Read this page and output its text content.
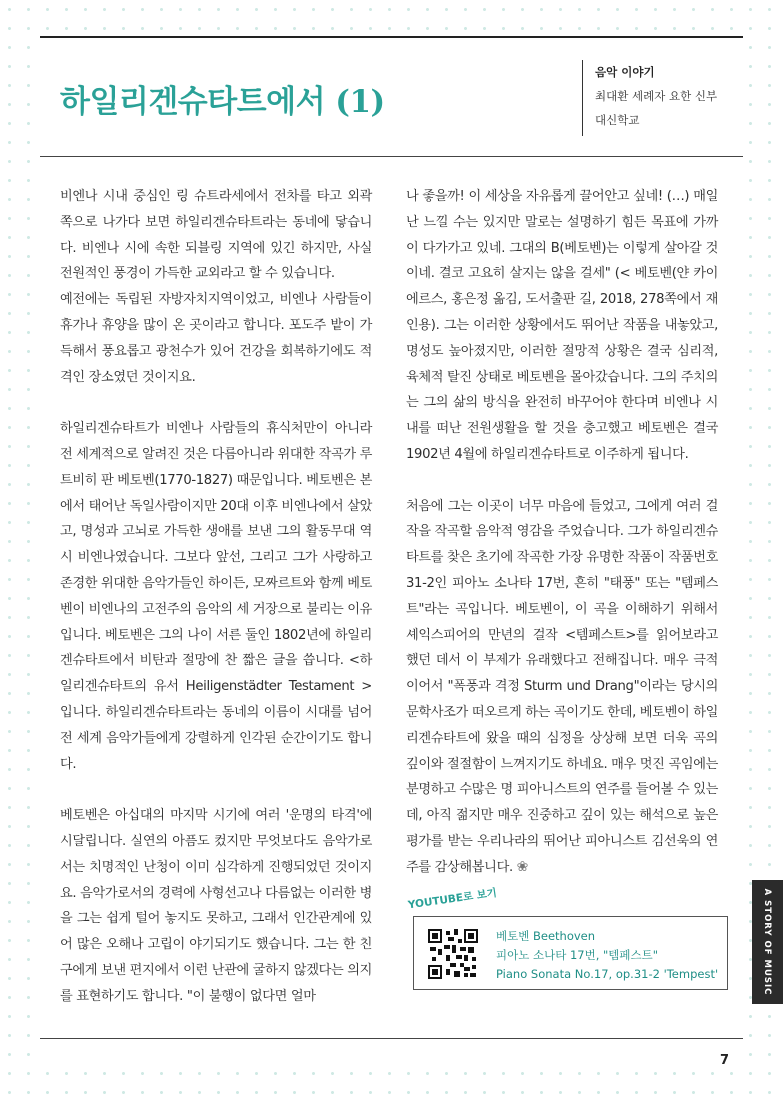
하일리겐슈타트에서 (1)
음악 이야기
최대환 세례자 요한 신부
대신학교

비엔나 시내 중심인 링 슈트라세에서 전차를 타고 외곽 쪽으로 나가다 보면 하일리겐슈타트라는 동네에 닿습니다. 비엔나 시에 속한 되블링 지역에 있긴 하지만, 사실 전원적인 풍경이 가득한 교외라고 할 수 있습니다.

예전에는 독립된 자방자치지역이었고, 비엔나 사람들이 휴가나 휴양을 많이 온 곳이라고 합니다. 포도주 밭이 가득해서 풍요롭고 광천수가 있어 건강을 회복하기에도 적격인 장소였던 것이지요.

하일리겐슈타트가 비엔나 사람들의 휴식처만이 아니라 전 세계적으로 알려진 것은 다름아니라 위대한 작곡가 루트비히 판 베토벤(1770-1827) 때문입니다. 베토벤은 본에서 태어난 독일사람이지만 20대 이후 비엔나에서 살았고, 명성과 고뇌로 가득한 생애를 보낸 그의 활동무대 역시 비엔나였습니다. 그보다 앞선, 그리고 그가 사랑하고 존경한 위대한 음악가들인 하이든, 모짜르트와 함께 베토벤이 비엔나의 고전주의 음악의 세 거장으로 불리는 이유입니다. 베토벤은 그의 나이 서른 둘인 1802년에 하일리겐슈타트에서 비탄과 절망에 찬 짧은 글을 씁니다. <하일리겐슈타트의 유서 Heiligenstädter Testament > 입니다. 하일리겐슈타트라는 동네의 이름이 시대를 넘어 전 세계 음악가들에게 강렬하게 인각된 순간이기도 합니다.

베토벤은 아십대의 마지막 시기에 여러 '운명의 타격'에 시달립니다. 실연의 아픔도 컸지만 무엇보다도 음악가로서는 치명적인 난청이 이미 심각하게 진행되었던 것이지요. 음악가로서의 경력에 사형선고나 다름없는 이러한 병을 그는 쉽게 털어 놓지도 못하고, 그래서 인간관계에 있어 많은 오해나 고립이 야기되기도 했습니다. 그는 한 친구에게 보낸 편지에서 이런 난관에 굴하지 않겠다는 의지를 표현하기도 합니다. "이 불행이 없다면 얼마

나 좋을까! 이 세상을 자유롭게 끌어안고 싶네! (…) 매일 난 느낄 수는 있지만 말로는 설명하기 힘든 목표에 가까이 다가가고 있네. 그대의 B(베토벤)는 이렇게 살아갈 것이네. 결코 고요히 살지는 않을 걸세" (< 베토벤(얀 카이에르스, 홍은정 옮김, 도서출판 길, 2018, 278쪽에서 재인용). 그는 이러한 상황에서도 뛰어난 작품을 내놓았고, 명성도 높아졌지만, 이러한 절망적 상황은 결국 심리적, 육체적 탈진 상태로 베토벤을 몰아갔습니다. 그의 주치의는 그의 삶의 방식을 완전히 바꾸어야 한다며 비엔나 시내를 떠난 전원생활을 할 것을 충고했고 베토벤은 결국 1902년 4월에 하일리겐슈타트로 이주하게 됩니다.

처음에 그는 이곳이 너무 마음에 들었고, 그에게 여러 걸작을 작곡할 음악적 영감을 주었습니다. 그가 하일리겐슈타트를 찾은 초기에 작곡한 가장 유명한 작품이 작품번호 31-2인 피아노 소나타 17번, 흔히 "태풍" 또는 "템페스트"라는 곡입니다. 베토벤이, 이 곡을 이해하기 위해서 셰익스피어의 만년의 걸작 <템페스트>를 읽어보라고 했던 데서 이 부제가 유래했다고 전해집니다. 매우 극적이어서 "폭풍과 격정 Sturm und Drang"이라는 당시의 문학사조가 떠오르게 하는 곡이기도 한데, 베토벤이 하일리겐슈타트에 왔을 때의 심정을 상상해 보면 더욱 곡의 깊이와 절절함이 느껴지기도 하네요. 매우 멋진 곡임에는 분명하고 수많은 명 피아니스트의 연주를 들어볼 수 있는데, 아직 젊지만 매우 진중하고 깊이 있는 해석으로 높은 평가를 받는 우리나라의 뛰어난 피아니스트 김선욱의 연주를 감상해봅니다. ❀

YOUTUBE로 보기
베토벤 Beethoven
피아노 소나타 17번, "템페스트"
Piano Sonata No.17, op.31-2 'Tempest'	A STORY OF MUSIC
7
